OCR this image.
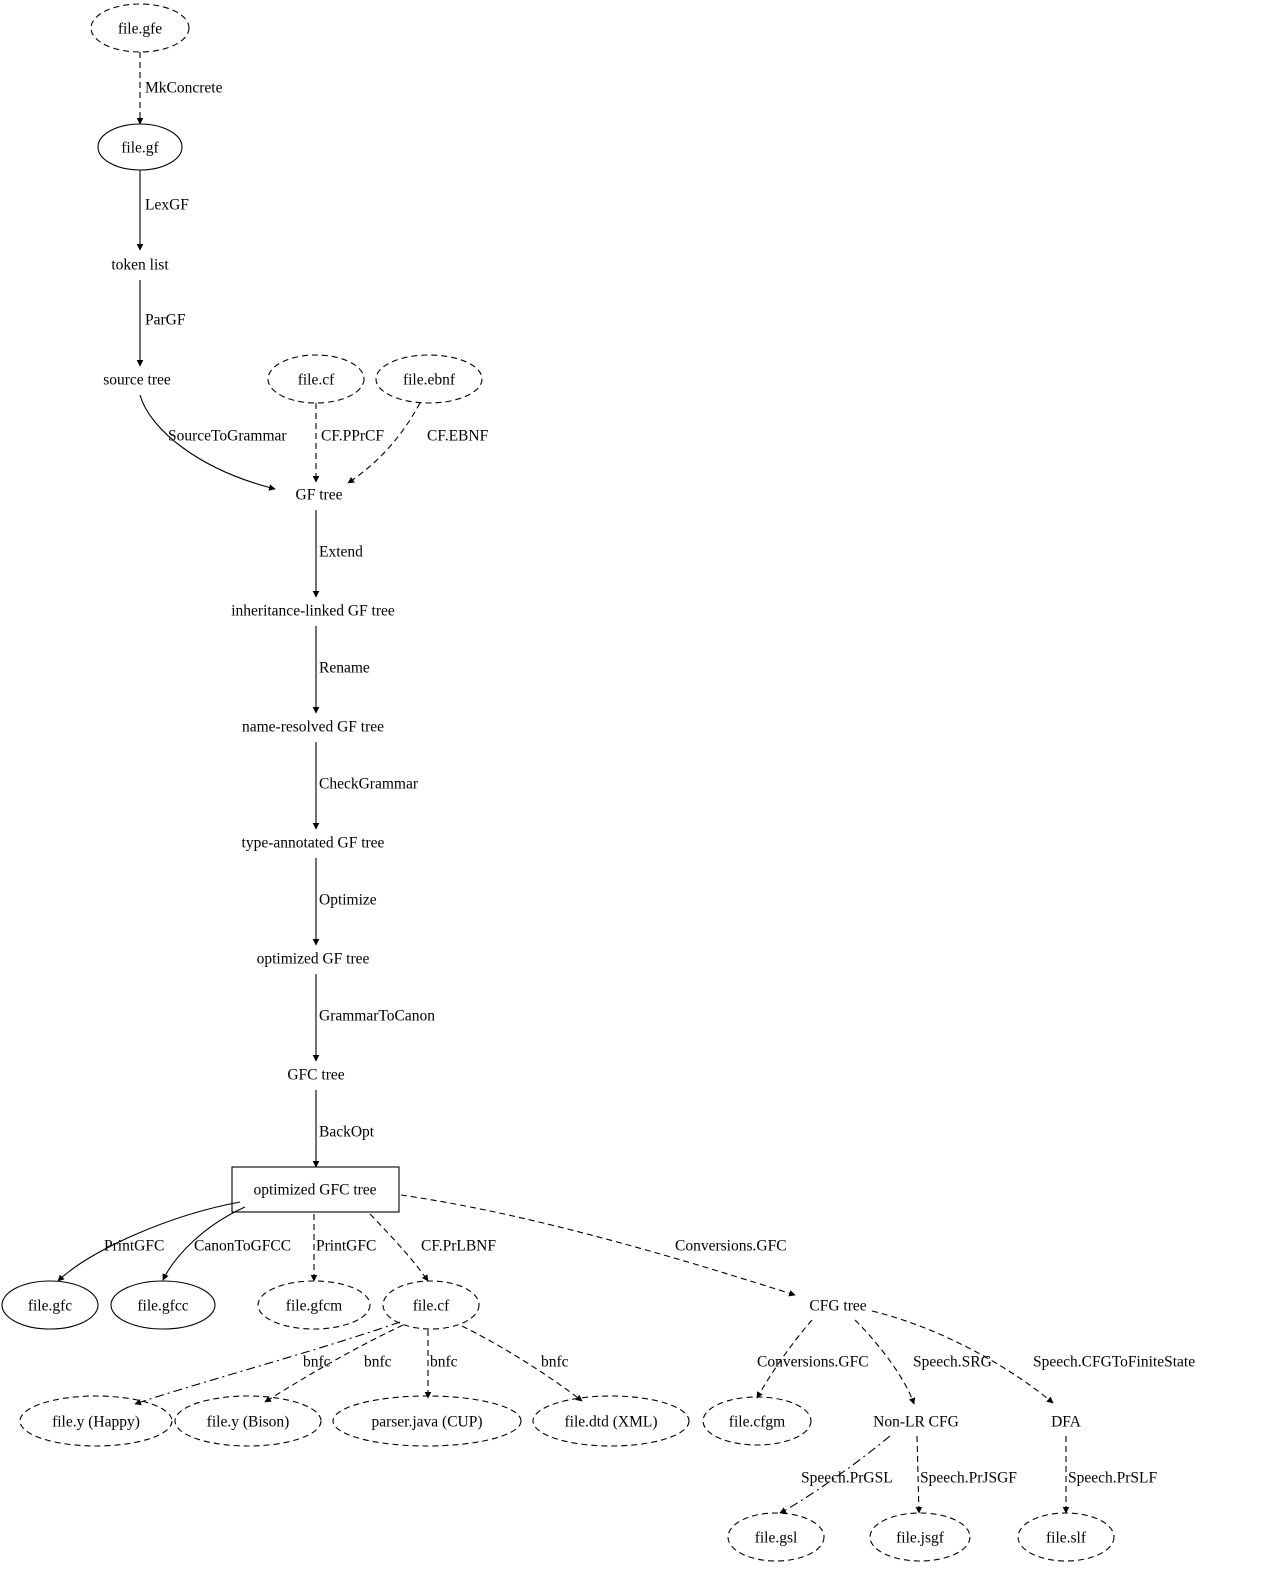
file.gfe
file.gf
token list
source tree	file.cf	file.ebnf
GF tree
inheritance-linked GF tree
name-resolved GF tree
type-annotated GF tree
optimized GF tree
GFC tree
optimized GFC tree
file.gfc	file.gfcc	file.gfcm	file.cf	CFG tree
file.y (Happy)	file.y (Bison)	parser.java (CUP)	file.dtd (XML)	file.cfgm	Non-LR CFG	DFA
file.gsl	file.jsgf	file.slf
MkConcrete
LexGF
ParGF
SourceToGrammar CF.PPrCF	CF.EBNF
Extend
Rename
CheckGrammar
Optimize
GrammarToCanon
BackOpt
PrintGFC CanonToGFCC PrintGFC	CF.PrLBNF	Conversions.GFC
bnfc bnfc bnfc	bnfc	Conversions.GFC	Speech.SRG	Speech.CFGToFiniteState
Speech.PrGSL Speech.PrJSGF	Speech.PrSLF
